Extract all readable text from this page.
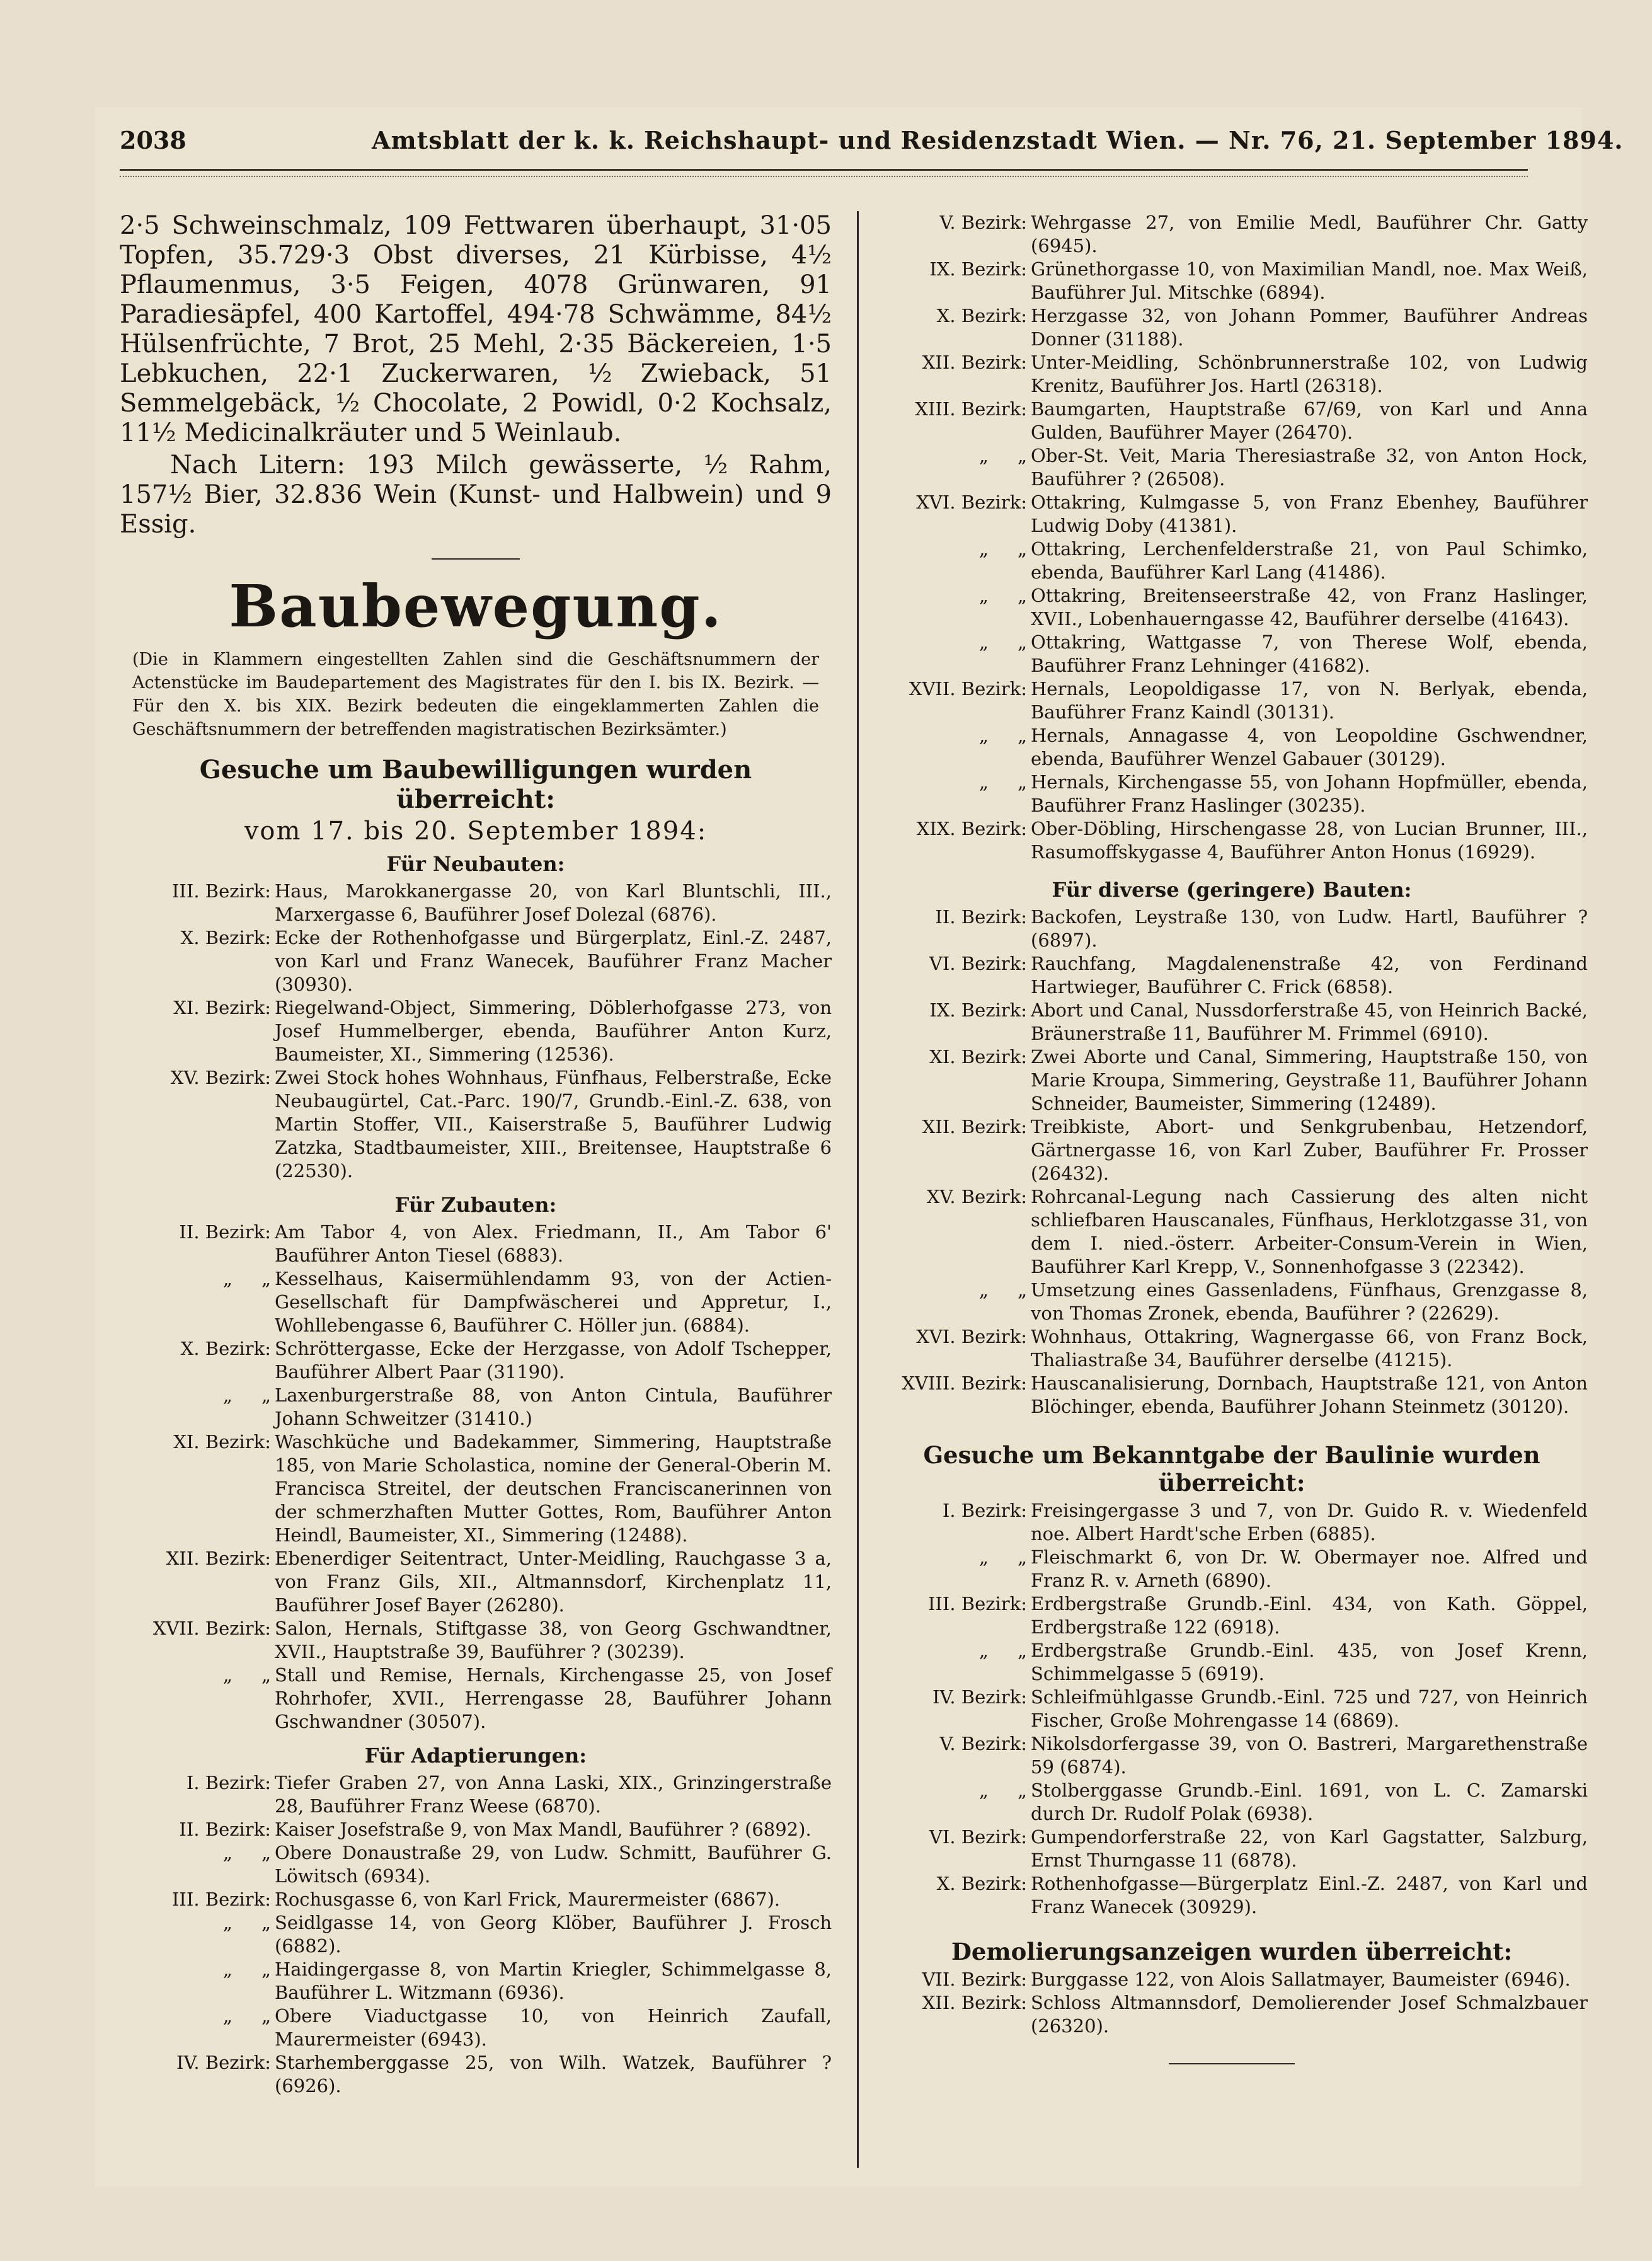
2038	Amtsblatt der k. k. Reichshaupt- und Residenzstadt Wien. — Nr. 76, 21. September 1894.

2·5 Schweinschmalz, 109 Fettwaren überhaupt, 31·05 Topfen, 35.729·3 Obst diverses, 21 Kürbisse, 4½ Pflaumenmus, 3·5 Feigen, 4078 Grünwaren, 91 Paradiesäpfel, 400 Kartoffel, 494·78 Schwämme, 84½ Hülsenfrüchte, 7 Brot, 25 Mehl, 2·35 Bäckereien, 1·5 Lebkuchen, 22·1 Zuckerwaren, ½ Zwieback, 51 Semmelgebäck, ½ Chocolate, 2 Powidl, 0·2 Kochsalz, 11½ Medicinalkräuter und 5 Weinlaub.

Nach Litern: 193 Milch gewässerte, ½ Rahm, 157½ Bier, 32.836 Wein (Kunst- und Halbwein) und 9 Essig.

Baubewegung.

(Die in Klammern eingestellten Zahlen sind die Geschäftsnummern der Actenstücke im Baudepartement des Magistrates für den I. bis IX. Bezirk. — Für den X. bis XIX. Bezirk bedeuten die eingeklammerten Zahlen die Geschäftsnummern der betreffenden magistratischen Bezirksämter.)

Gesuche um Baubewilligungen wurden überreicht:
vom 17. bis 20. September 1894:
Für Neubauten:
III. Bezirk: Haus, Marokkanergasse 20, von Karl Bluntschli, III., Marxergasse 6, Bauführer Josef Dolezal (6876).
X. Bezirk: Ecke der Rothenhofgasse und Bürgerplatz, Einl.-Z. 2487, von Karl und Franz Wanecek, Bauführer Franz Macher (30930).
XI. Bezirk: Riegelwand-Object, Simmering, Döblerhofgasse 273, von Josef Hummelberger, ebenda, Bauführer Anton Kurz, Baumeister, XI., Simmering (12536).
XV. Bezirk: Zwei Stock hohes Wohnhaus, Fünfhaus, Felberstraße, Ecke Neubaugürtel, Cat.-Parc. 190/7, Grundb.-Einl.-Z. 638, von Martin Stoffer, VII., Kaiserstraße 5, Bauführer Ludwig Zatzka, Stadtbaumeister, XIII., Breitensee, Hauptstraße 6 (22530).
Für Zubauten:
II. Bezirk: Am Tabor 4, von Alex. Friedmann, II., Am Tabor 6' Bauführer Anton Tiesel (6883).
„     „ Kesselhaus, Kaisermühlendamm 93, von der Actien-Gesellschaft für Dampfwäscherei und Appretur, I., Wohllebengasse 6, Bauführer C. Höller jun. (6884).
X. Bezirk: Schröttergasse, Ecke der Herzgasse, von Adolf Tschepper, Bauführer Albert Paar (31190).
„     „ Laxenburgerstraße 88, von Anton Cintula, Bauführer Johann Schweitzer (31410.)
XI. Bezirk: Waschküche und Badekammer, Simmering, Hauptstraße 185, von Marie Scholastica, nomine der General-Oberin M. Francisca Streitel, der deutschen Franciscanerinnen von der schmerzhaften Mutter Gottes, Rom, Bauführer Anton Heindl, Baumeister, XI., Simmering (12488).
XII. Bezirk: Ebenerdiger Seitentract, Unter-Meidling, Rauchgasse 3 a, von Franz Gils, XII., Altmannsdorf, Kirchenplatz 11, Bauführer Josef Bayer (26280).
XVII. Bezirk: Salon, Hernals, Stiftgasse 38, von Georg Gschwandtner, XVII., Hauptstraße 39, Bauführer ? (30239).
„     „ Stall und Remise, Hernals, Kirchengasse 25, von Josef Rohrhofer, XVII., Herrengasse 28, Bauführer Johann Gschwandner (30507).
Für Adaptierungen:
I. Bezirk: Tiefer Graben 27, von Anna Laski, XIX., Grinzingerstraße 28, Bauführer Franz Weese (6870).
II. Bezirk: Kaiser Josefstraße 9, von Max Mandl, Bauführer ? (6892).
„     „ Obere Donaustraße 29, von Ludw. Schmitt, Bauführer G. Löwitsch (6934).
III. Bezirk: Rochusgasse 6, von Karl Frick, Maurermeister (6867).
„     „ Seidlgasse 14, von Georg Klöber, Bauführer J. Frosch (6882).
„     „ Haidingergasse 8, von Martin Kriegler, Schimmelgasse 8, Bauführer L. Witzmann (6936).
„     „ Obere Viaductgasse 10, von Heinrich Zaufall, Maurermeister (6943).
IV. Bezirk: Starhemberggasse 25, von Wilh. Watzek, Bauführer ? (6926).
V. Bezirk: Wehrgasse 27, von Emilie Medl, Bauführer Chr. Gatty (6945).
IX. Bezirk: Grünethorgasse 10, von Maximilian Mandl, noe. Max Weiß, Bauführer Jul. Mitschke (6894).
X. Bezirk: Herzgasse 32, von Johann Pommer, Bauführer Andreas Donner (31188).
XII. Bezirk: Unter-Meidling, Schönbrunnerstraße 102, von Ludwig Krenitz, Bauführer Jos. Hartl (26318).
XIII. Bezirk: Baumgarten, Hauptstraße 67/69, von Karl und Anna Gulden, Bauführer Mayer (26470).
„     „ Ober-St. Veit, Maria Theresiastraße 32, von Anton Hock, Bauführer ? (26508).
XVI. Bezirk: Ottakring, Kulmgasse 5, von Franz Ebenhey, Bauführer Ludwig Doby (41381).
„     „ Ottakring, Lerchenfelderstraße 21, von Paul Schimko, ebenda, Bauführer Karl Lang (41486).
„     „ Ottakring, Breitenseerstraße 42, von Franz Haslinger, XVII., Lobenhauerngasse 42, Bauführer derselbe (41643).
„     „ Ottakring, Wattgasse 7, von Therese Wolf, ebenda, Bauführer Franz Lehninger (41682).
XVII. Bezirk: Hernals, Leopoldigasse 17, von N. Berlyak, ebenda, Bauführer Franz Kaindl (30131).
„     „ Hernals, Annagasse 4, von Leopoldine Gschwendner, ebenda, Bauführer Wenzel Gabauer (30129).
„     „ Hernals, Kirchengasse 55, von Johann Hopfmüller, ebenda, Bauführer Franz Haslinger (30235).
XIX. Bezirk: Ober-Döbling, Hirschengasse 28, von Lucian Brunner, III., Rasumoffskygasse 4, Bauführer Anton Honus (16929).
Für diverse (geringere) Bauten:
II. Bezirk: Backofen, Leystraße 130, von Ludw. Hartl, Bauführer ? (6897).
VI. Bezirk: Rauchfang, Magdalenenstraße 42, von Ferdinand Hartwieger, Bauführer C. Frick (6858).
IX. Bezirk: Abort und Canal, Nussdorferstraße 45, von Heinrich Backé, Bräunerstraße 11, Bauführer M. Frimmel (6910).
XI. Bezirk: Zwei Aborte und Canal, Simmering, Hauptstraße 150, von Marie Kroupa, Simmering, Geystraße 11, Bauführer Johann Schneider, Baumeister, Simmering (12489).
XII. Bezirk: Treibkiste, Abort- und Senkgrubenbau, Hetzendorf, Gärtnergasse 16, von Karl Zuber, Bauführer Fr. Prosser (26432).
XV. Bezirk: Rohrcanal-Legung nach Cassierung des alten nicht schliefbaren Hauscanales, Fünfhaus, Herklotzgasse 31, von dem I. nied.-österr. Arbeiter-Consum-Verein in Wien, Bauführer Karl Krepp, V., Sonnenhofgasse 3 (22342).
„     „ Umsetzung eines Gassenladens, Fünfhaus, Grenzgasse 8, von Thomas Zronek, ebenda, Bauführer ? (22629).
XVI. Bezirk: Wohnhaus, Ottakring, Wagnergasse 66, von Franz Bock, Thaliastraße 34, Bauführer derselbe (41215).
XVIII. Bezirk: Hauscanalisierung, Dornbach, Hauptstraße 121, von Anton Blöchinger, ebenda, Bauführer Johann Steinmetz (30120).
Gesuche um Bekanntgabe der Baulinie wurden überreicht:
I. Bezirk: Freisingergasse 3 und 7, von Dr. Guido R. v. Wiedenfeld noe. Albert Hardt'sche Erben (6885).
„     „ Fleischmarkt 6, von Dr. W. Obermayer noe. Alfred und Franz R. v. Arneth (6890).
III. Bezirk: Erdbergstraße Grundb.-Einl. 434, von Kath. Göppel, Erdbergstraße 122 (6918).
„     „ Erdbergstraße Grundb.-Einl. 435, von Josef Krenn, Schimmelgasse 5 (6919).
IV. Bezirk: Schleifmühlgasse Grundb.-Einl. 725 und 727, von Heinrich Fischer, Große Mohrengasse 14 (6869).
V. Bezirk: Nikolsdorfergasse 39, von O. Bastreri, Margarethenstraße 59 (6874).
„     „ Stolberggasse Grundb.-Einl. 1691, von L. C. Zamarski durch Dr. Rudolf Polak (6938).
VI. Bezirk: Gumpendorferstraße 22, von Karl Gagstatter, Salzburg, Ernst Thurngasse 11 (6878).
X. Bezirk: Rothenhofgasse—Bürgerplatz Einl.-Z. 2487, von Karl und Franz Wanecek (30929).
Demolierungsanzeigen wurden überreicht:
VII. Bezirk: Burggasse 122, von Alois Sallatmayer, Baumeister (6946).
XII. Bezirk: Schloss Altmannsdorf, Demolierender Josef Schmalzbauer (26320).
